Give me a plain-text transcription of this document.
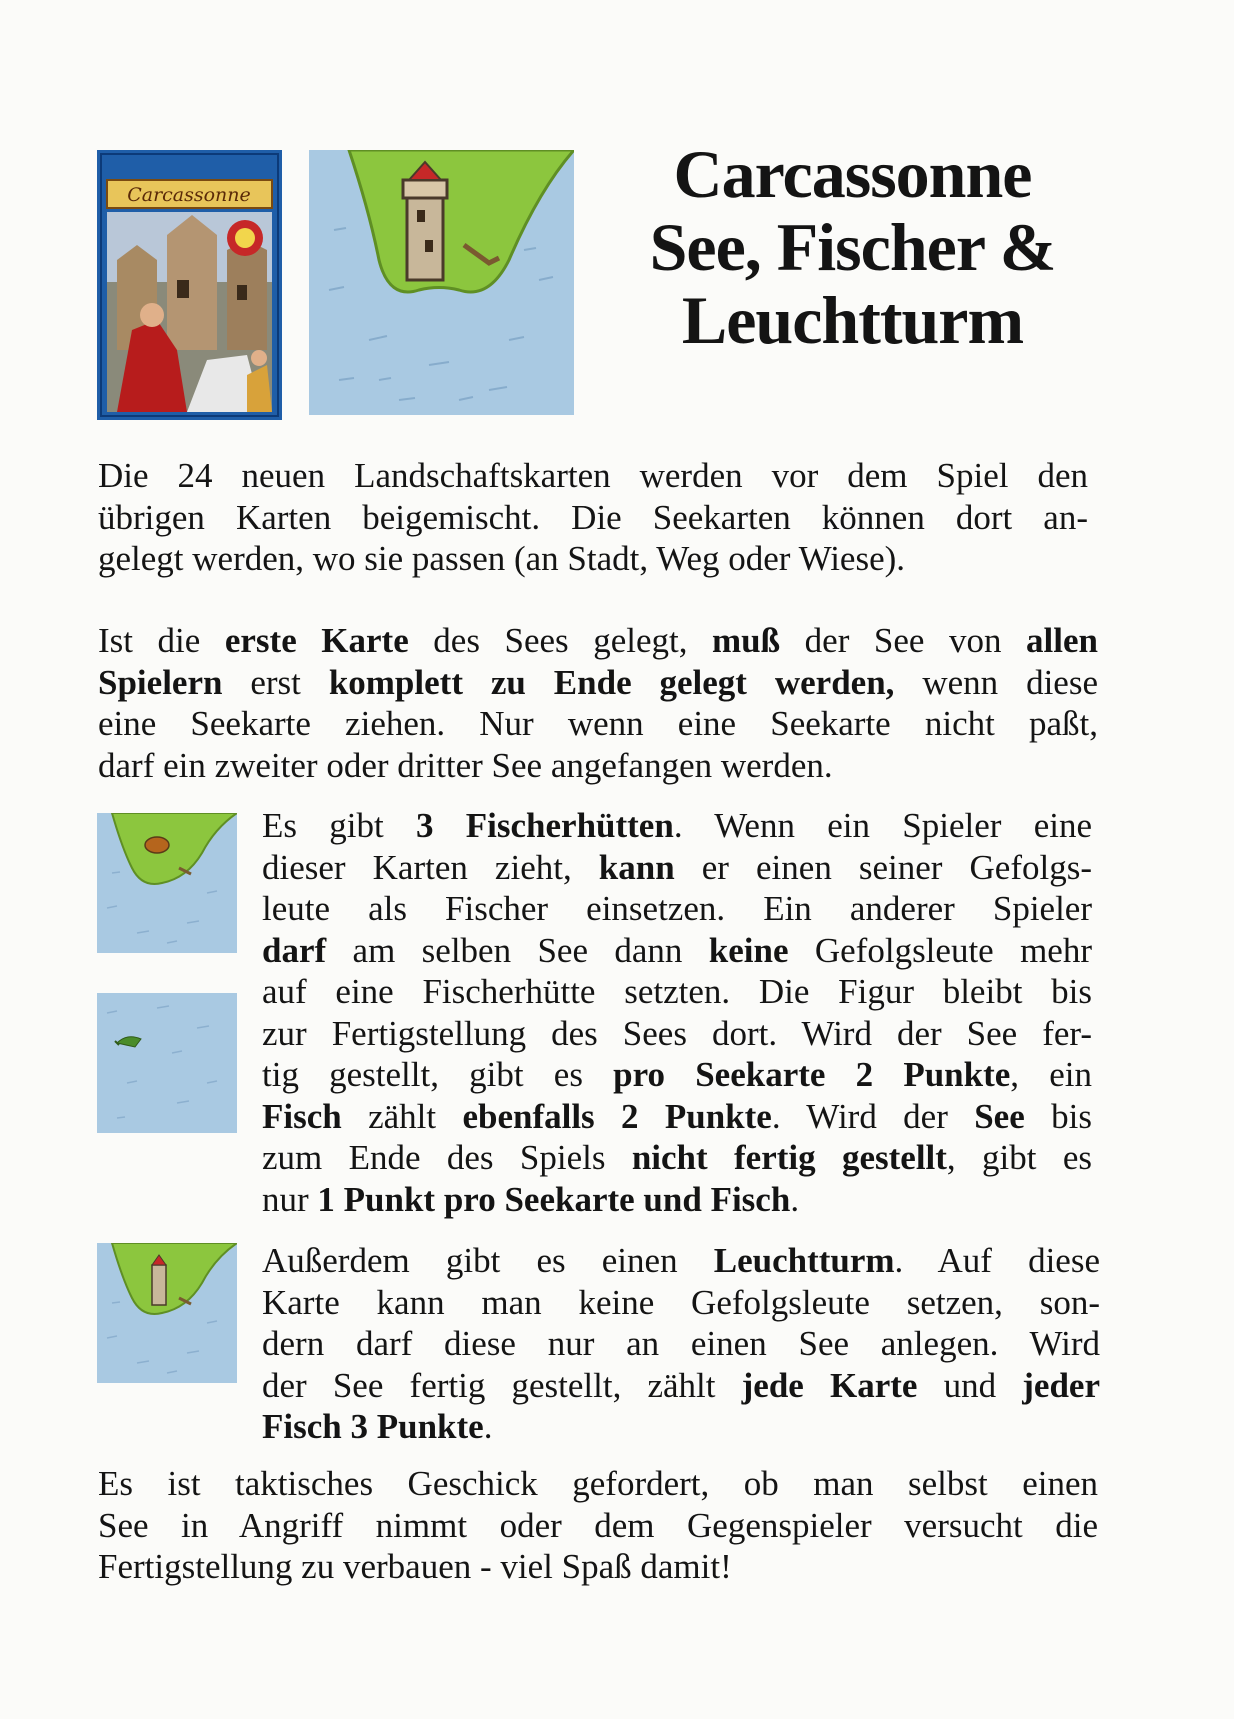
Carcassonne	Carcassonne
See, Fischer &
Leuchtturm

Die 24 neuen Landschaftskarten werden vor dem Spiel den
übrigen Karten beigemischt. Die Seekarten können dort an-
gelegt werden, wo sie passen (an Stadt, Weg oder Wiese).

Ist die erste Karte des Sees gelegt, muß der See von allen
Spielern erst komplett zu Ende gelegt werden, wenn diese
eine Seekarte ziehen. Nur wenn eine Seekarte nicht paßt,
darf ein zweiter oder dritter See angefangen werden.

Es gibt 3 Fischerhütten. Wenn ein Spieler eine
dieser Karten zieht, kann er einen seiner Gefolgs-
leute als Fischer einsetzen. Ein anderer Spieler
darf am selben See dann keine Gefolgsleute mehr
auf eine Fischerhütte setzten. Die Figur bleibt bis
zur Fertigstellung des Sees dort. Wird der See fer-
tig gestellt, gibt es pro Seekarte 2 Punkte, ein
Fisch zählt ebenfalls 2 Punkte. Wird der See bis
zum Ende des Spiels nicht fertig gestellt, gibt es
nur 1 Punkt pro Seekarte und Fisch.

Außerdem gibt es einen Leuchtturm. Auf diese
Karte kann man keine Gefolgsleute setzen, son-
dern darf diese nur an einen See anlegen. Wird
der See fertig gestellt, zählt jede Karte und jeder
Fisch 3 Punkte.

Es ist taktisches Geschick gefordert, ob man selbst einen
See in Angriff nimmt oder dem Gegenspieler versucht die
Fertigstellung zu verbauen - viel Spaß damit!
